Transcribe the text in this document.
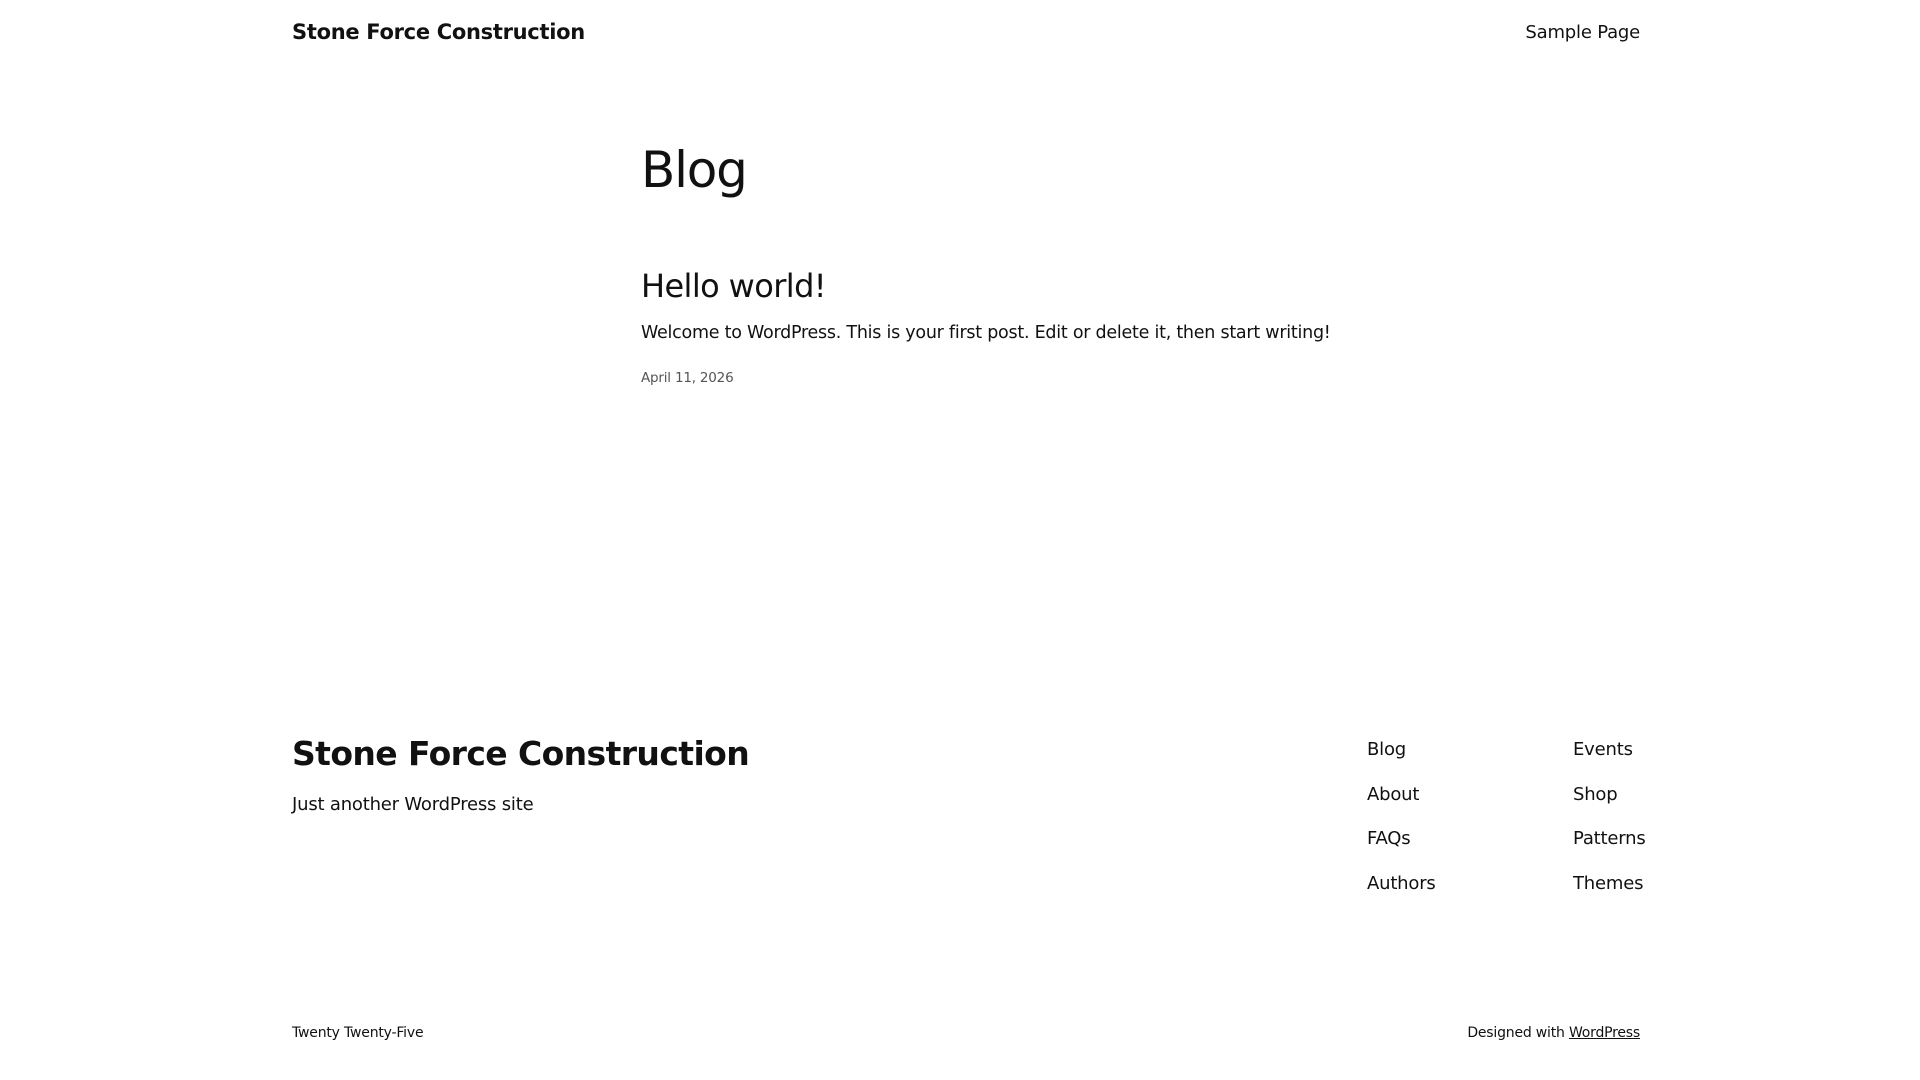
Stone Force Construction	Sample Page
Blog
Hello world!

Welcome to WordPress. This is your first post. Edit or delete it, then start writing!

April 11, 2026
Stone Force Construction
Just another WordPress site
Blog
About
FAQs
Authors
Events
Shop
Patterns
Themes
Twenty Twenty-Five	Designed with WordPress
